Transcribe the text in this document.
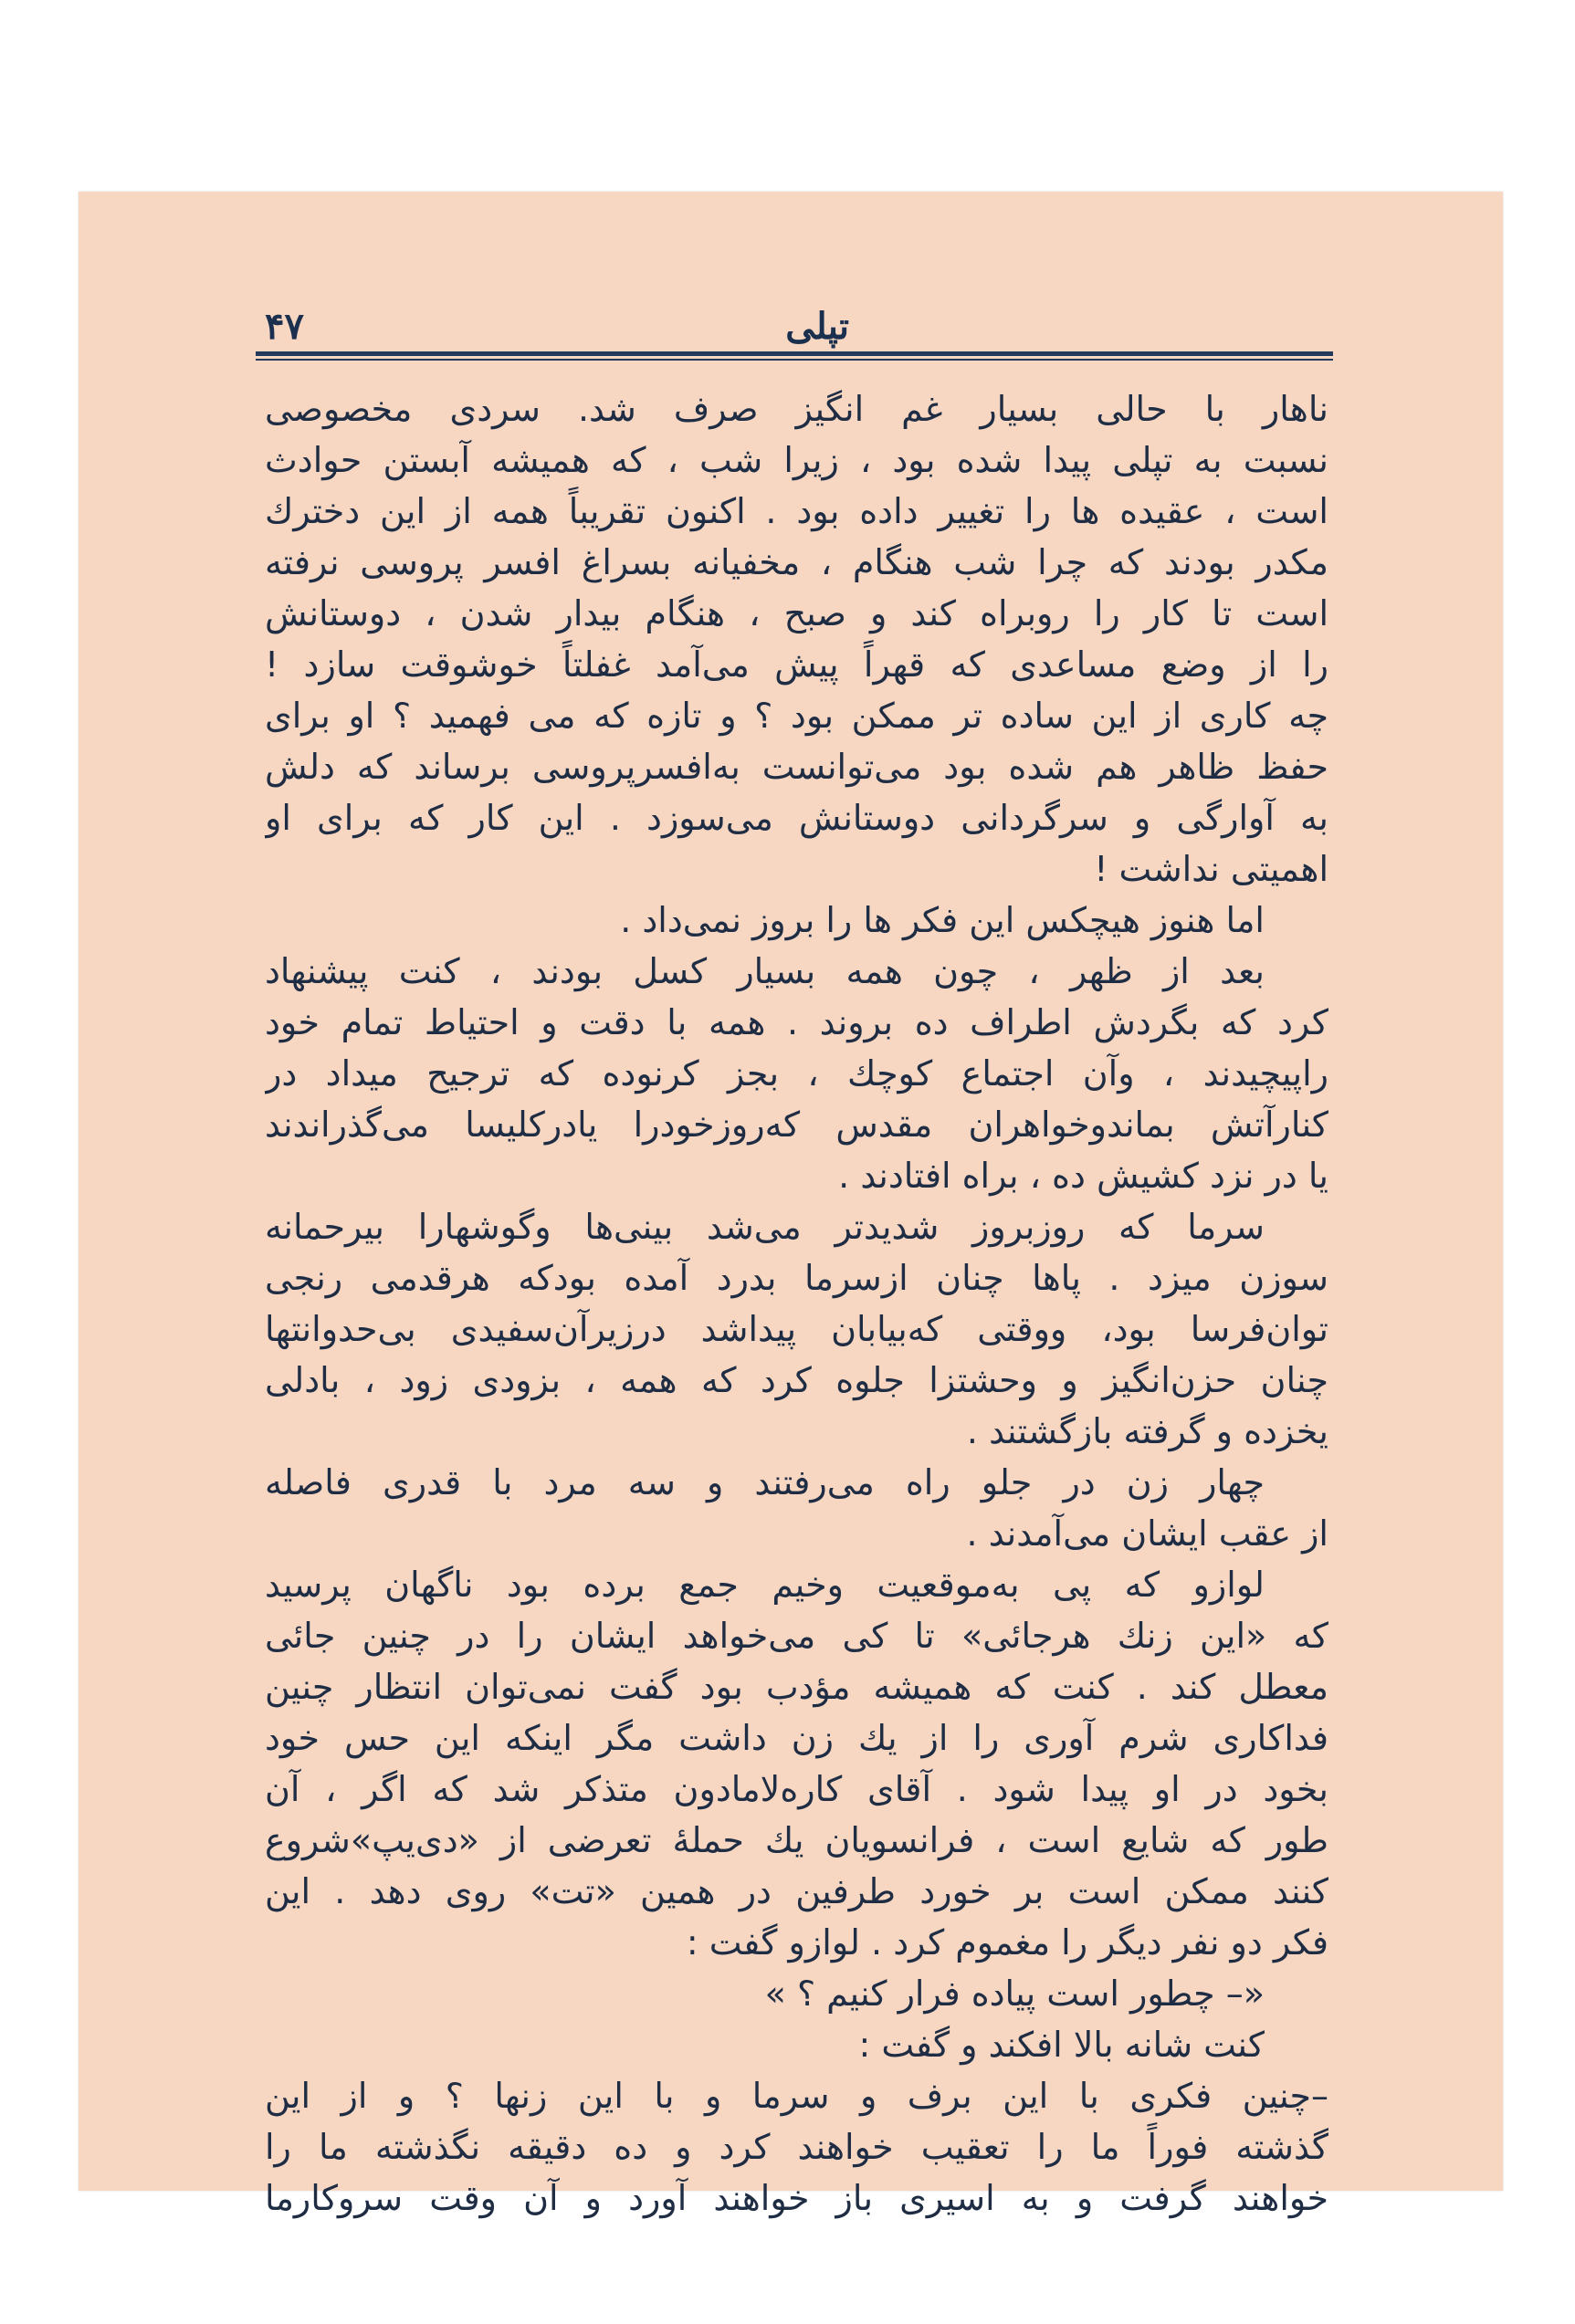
تپلی
۴۷
ناهار با حالی بسیار غم انگیز صرف شد. سردی مخصوصی
نسبت به تپلی پیدا شده بود ، زیرا شب ، که همیشه آبستن حوادث
است ، عقیده ها را تغییر داده بود . اکنون تقریباً همه از این دخترك
مکدر بودند که چرا شب هنگام ، مخفیانه بسراغ افسر پروسی نرفته
است تا کار را روبراه کند و صبح ، هنگام بیدار شدن ، دوستانش
را از وضع مساعدی که قهراً پیش می‌آمد غفلتاً خوشوقت سازد !
چه کاری از این ساده تر ممکن بود ؟ و تازه که می فهمید ؟ او برای
حفظ ظاهر هم شده بود می‌توانست به‌افسرپروسی برساند که دلش
به آوارگی و سرگردانی دوستانش می‌سوزد . این کار که برای او
اهمیتی نداشت !
اما هنوز هیچکس این فکر ها را بروز نمی‌داد .
بعد از ظهر ، چون همه بسیار کسل بودند ، کنت پیشنهاد
کرد که بگردش اطراف ده بروند . همه با دقت و احتیاط تمام خود
راپیچیدند ، وآن اجتماع کوچك ، بجز کرنوده که ترجیح میداد در
کنارآتش بماندوخواهران مقدس که‌روزخودرا یادرکلیسا می‌گذراندند
یا در نزد کشیش ده ، براه افتادند .
سرما که روزبروز شدیدتر می‌شد بینی‌ها وگوشهارا بیرحمانه
سوزن میزد . پاها چنان ازسرما بدرد آمده بودکه هرقدمی رنجی
توان‌فرسا بود، ووقتی که‌بیابان پیداشد درزیرآن‌سفیدی بی‌حدوانتها
چنان حزن‌انگیز و وحشتزا جلوه کرد که همه ، بزودی زود ، بادلی
یخزده و گرفته بازگشتند .
چهار زن در جلو راه می‌رفتند و سه مرد با قدری فاصله
از عقب ایشان می‌آمدند .
لوازو که پی به‌موقعیت وخیم جمع برده بود ناگهان پرسید
که «این زنك هرجائی» تا کی می‌خواهد ایشان را در چنین جائی
معطل کند . کنت که همیشه مؤدب بود گفت نمی‌توان انتظار چنین
فداکاری شرم آوری را از یك زن داشت مگر اینکه این حس خود
بخود در او پیدا شود . آقای کاره‌لامادون متذکر شد که اگر ، آن
طور که شایع است ، فرانسویان یك حملهٔ تعرضی از «دی‌یپ»شروع
کنند ممکن است بر خورد طرفین در همین «تت» روی دهد . این
فکر دو نفر دیگر را مغموم کرد . لوازو گفت :
«– چطور است پیاده فرار کنیم ؟ »
کنت شانه بالا افکند و گفت :
–چنین فکری با این برف و سرما و با این زنها ؟ و از این
گذشته فوراً ما را تعقیب خواهند کرد و ده دقیقه نگذشته ما را
خواهند گرفت و به اسیری باز خواهند آورد و آن وقت سروکارما
